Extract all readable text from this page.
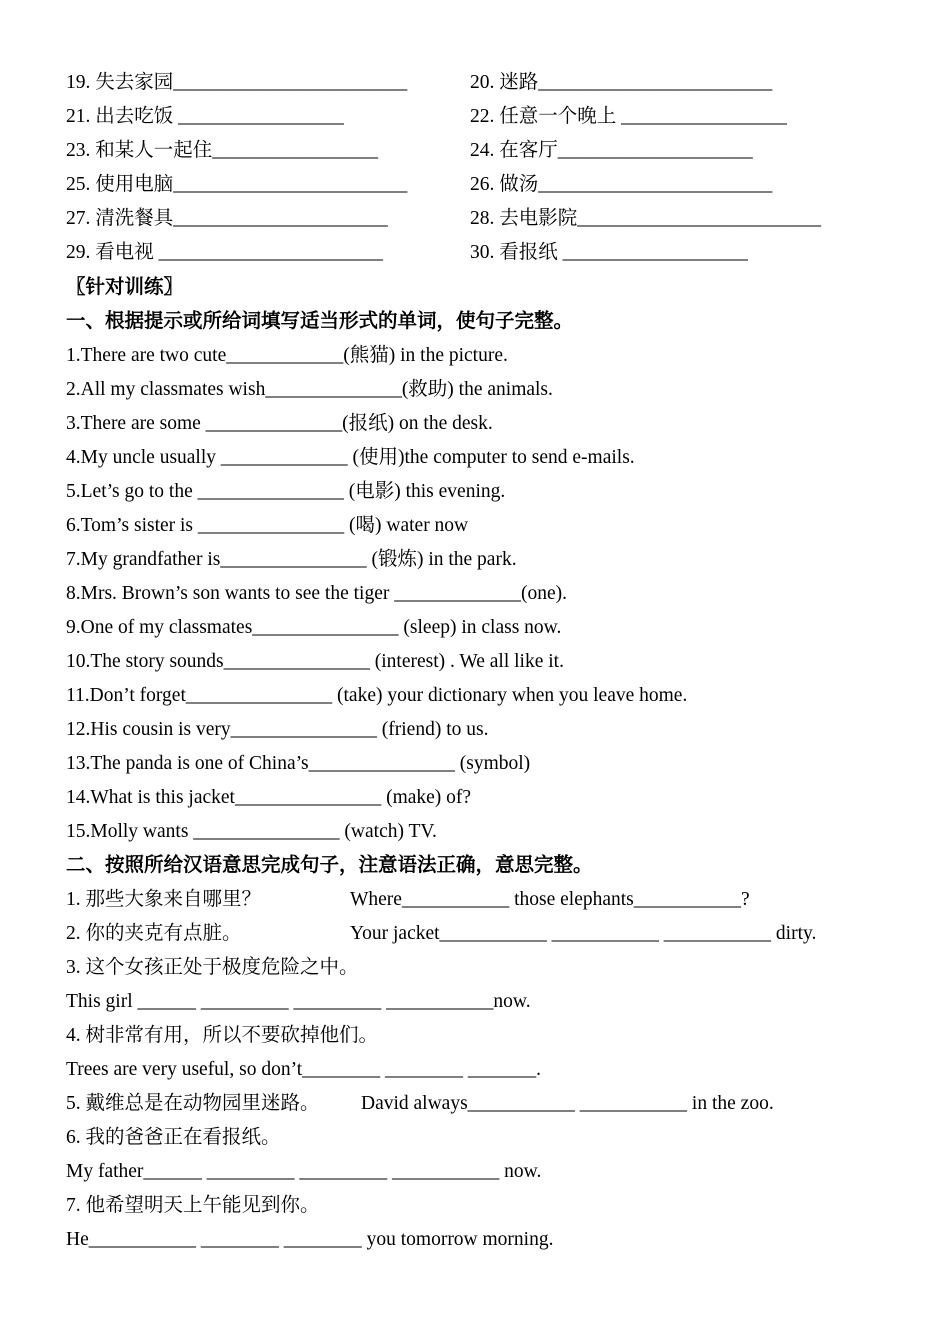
19. 失去家园________________________	20. 迷路________________________
21. 出去吃饭 _________________	22. 任意一个晚上 _________________
23. 和某人一起住_________________	24. 在客厅____________________
25. 使用电脑________________________	26. 做汤________________________
27. 清洗餐具______________________	28. 去电影院_________________________
29. 看电视 _______________________	30. 看报纸 ___________________
〖针对训练〗
一、根据提示或所给词填写适当形式的单词，使句子完整。
1.There are two cute____________(熊猫) in the picture.
2.All my classmates wish______________(救助) the animals.
3.There are some ______________(报纸) on the desk.
4.My uncle usually _____________ (使用)the computer to send e-mails.
5.Let’s go to the _______________ (电影) this evening.
6.Tom’s sister is _______________ (喝) water now
7.My grandfather is_______________ (锻炼) in the park.
8.Mrs. Brown’s son wants to see the tiger _____________(one).
9.One of my classmates_______________ (sleep) in class now.
10.The story sounds_______________ (interest) . We all like it.
11.Don’t forget_______________ (take) your dictionary when you leave home.
12.His cousin is very_______________ (friend) to us.
13.The panda is one of China’s_______________ (symbol)
14.What is this jacket_______________ (make) of?
15.Molly wants _______________ (watch) TV.
二、按照所给汉语意思完成句子，注意语法正确，意思完整。
1. 那些大象来自哪里？	Where___________ those elephants___________?
2. 你的夹克有点脏。	Your jacket___________ ___________ ___________ dirty.
3. 这个女孩正处于极度危险之中。
This girl ______ _________ _________ ___________now.
4. 树非常有用，所以不要砍掉他们。
Trees are very useful, so don’t________ ________ _______.
5. 戴维总是在动物园里迷路。 David always___________ ___________ in the zoo.
6. 我的爸爸正在看报纸。
My father______ _________ _________ ___________ now.
7. 他希望明天上午能见到你。
He___________ ________ ________ you tomorrow morning.
